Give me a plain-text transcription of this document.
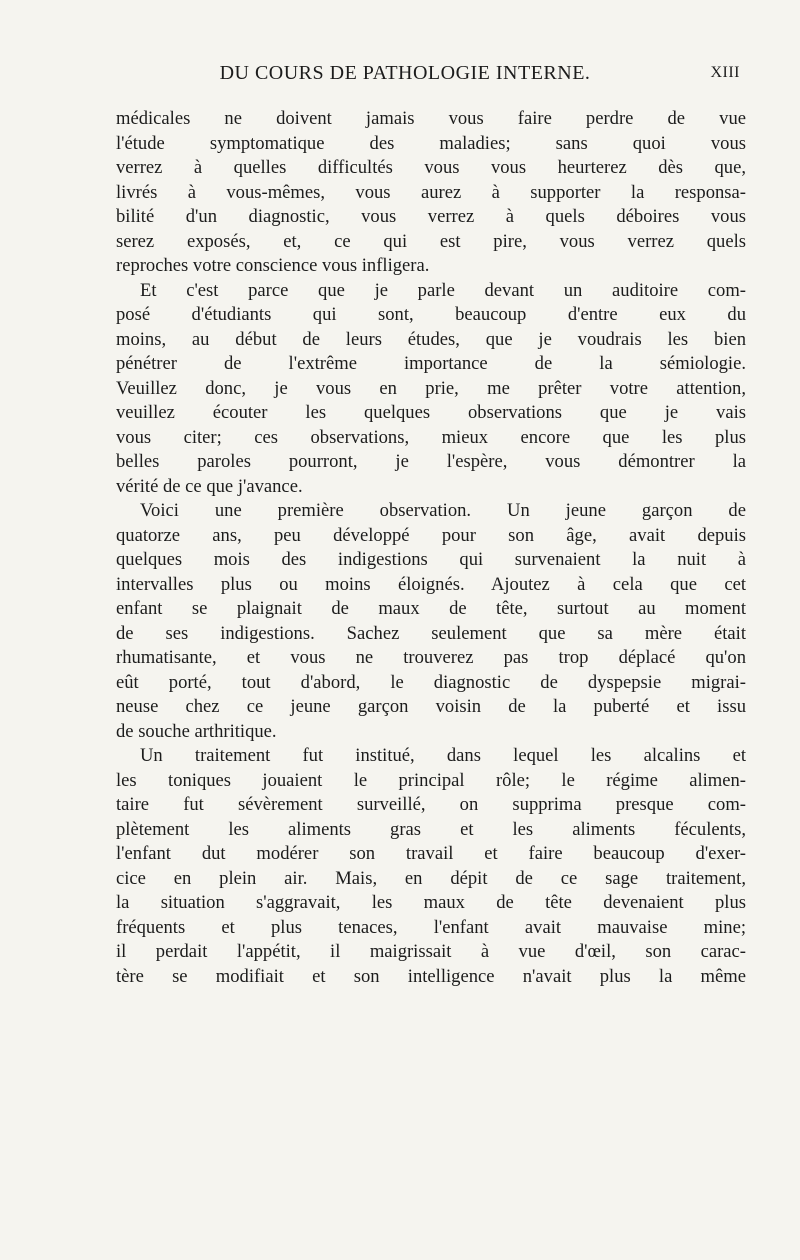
DU COURS DE PATHOLOGIE INTERNE.	XIII
médicales ne doivent jamais vous faire perdre de vue
l'étude symptomatique des maladies; sans quoi vous
verrez à quelles difficultés vous vous heurterez dès que,
livrés à vous-mêmes, vous aurez à supporter la responsa-
bilité d'un diagnostic, vous verrez à quels déboires vous
serez exposés, et, ce qui est pire, vous verrez quels
reproches votre conscience vous infligera.
Et c'est parce que je parle devant un auditoire com-
posé d'étudiants qui sont, beaucoup d'entre eux du
moins, au début de leurs études, que je voudrais les bien
pénétrer de l'extrême importance de la sémiologie.
Veuillez donc, je vous en prie, me prêter votre attention,
veuillez écouter les quelques observations que je vais
vous citer; ces observations, mieux encore que les plus
belles paroles pourront, je l'espère, vous démontrer la
vérité de ce que j'avance.
Voici une première observation. Un jeune garçon de
quatorze ans, peu développé pour son âge, avait depuis
quelques mois des indigestions qui survenaient la nuit à
intervalles plus ou moins éloignés. Ajoutez à cela que cet
enfant se plaignait de maux de tête, surtout au moment
de ses indigestions. Sachez seulement que sa mère était
rhumatisante, et vous ne trouverez pas trop déplacé qu'on
eût porté, tout d'abord, le diagnostic de dyspepsie migrai-
neuse chez ce jeune garçon voisin de la puberté et issu
de souche arthritique.
Un traitement fut institué, dans lequel les alcalins et
les toniques jouaient le principal rôle; le régime alimen-
taire fut sévèrement surveillé, on supprima presque com-
plètement les aliments gras et les aliments féculents,
l'enfant dut modérer son travail et faire beaucoup d'exer-
cice en plein air. Mais, en dépit de ce sage traitement,
la situation s'aggravait, les maux de tête devenaient plus
fréquents et plus tenaces, l'enfant avait mauvaise mine;
il perdait l'appétit, il maigrissait à vue d'œil, son carac-
tère se modifiait et son intelligence n'avait plus la même
